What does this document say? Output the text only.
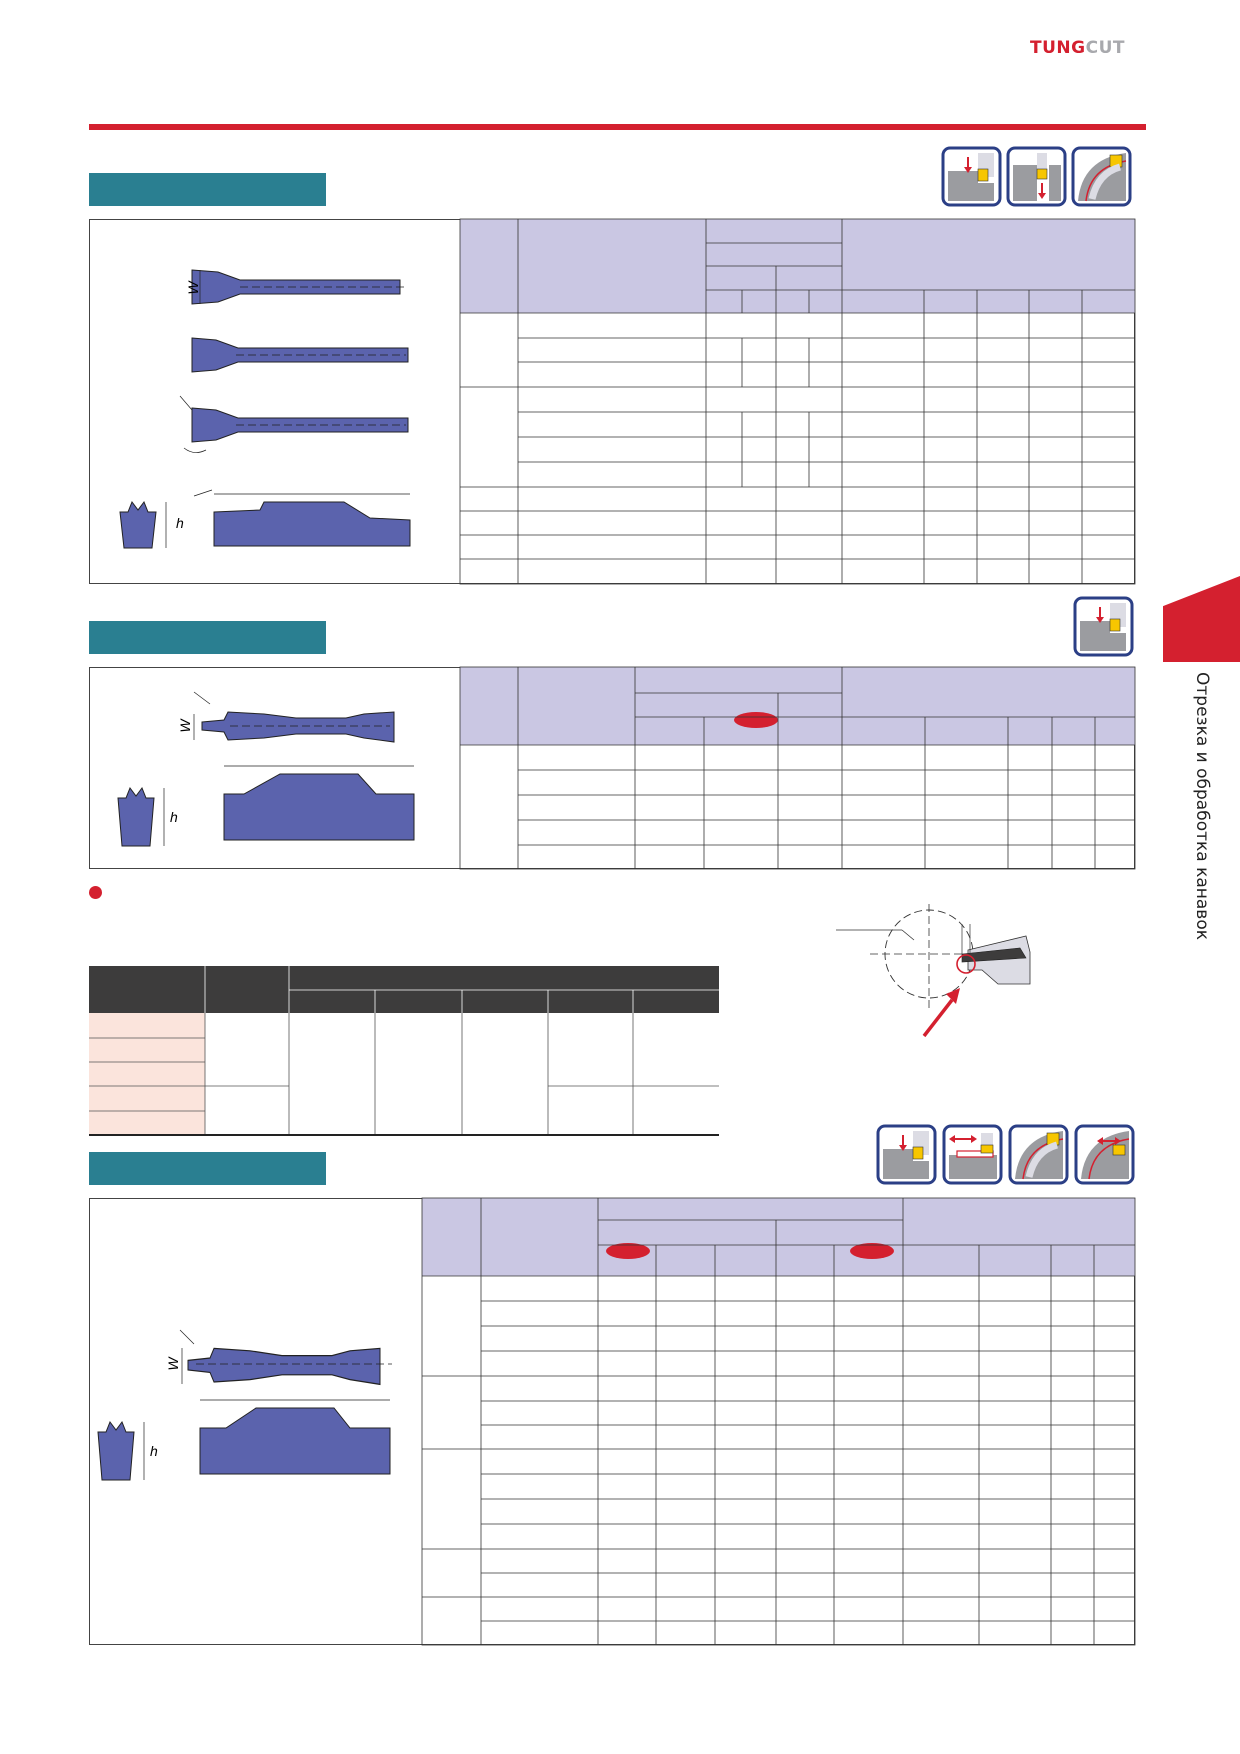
TUNGCUT
Отрезка и обработка канавок
W
h
W
h
W
h
